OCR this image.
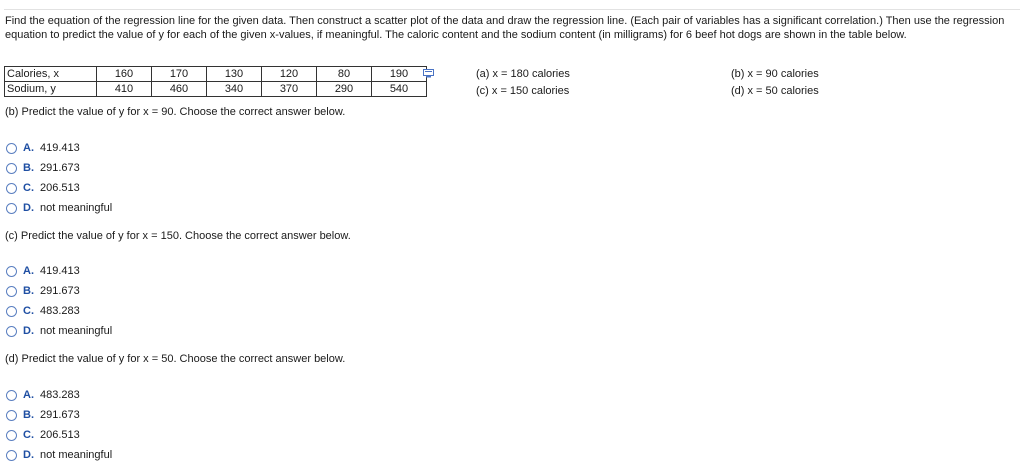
Find the equation of the regression line for the given data. Then construct a scatter plot of the data and draw the regression line. (Each pair of variables has a significant correlation.) Then use the regression equation to predict the value of y for each of the given x-values, if meaningful. The caloric content and the sodium content (in milligrams) for 6 beef hot dogs are shown in the table below.
Calories, x	160	170	130	120	80	190
Sodium, y	410	460	340	370	290	540
(a) x = 180 calories
(c) x = 150 calories
(b) x = 90 calories
(d) x = 50 calories
(b) Predict the value of y for x = 90. Choose the correct answer below.
A. 419.413
B. 291.673
C. 206.513
D. not meaningful
(c) Predict the value of y for x = 150. Choose the correct answer below.
A. 419.413
B. 291.673
C. 483.283
D. not meaningful
(d) Predict the value of y for x = 50. Choose the correct answer below.
A. 483.283
B. 291.673
C. 206.513
D. not meaningful
